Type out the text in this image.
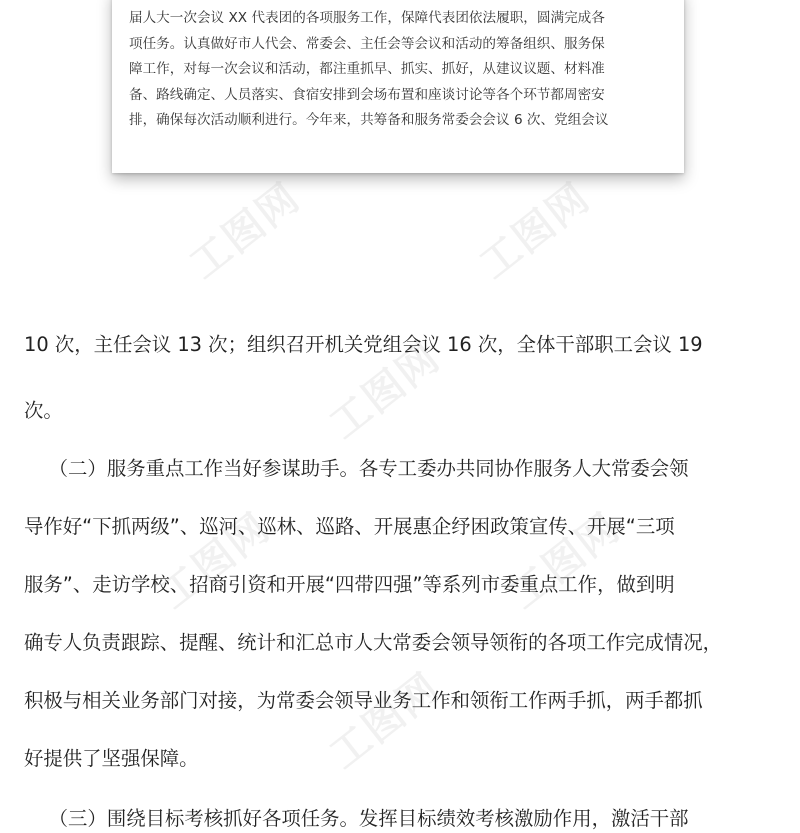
届人大一次会议 XX 代表团的各项服务工作，保障代表团依法履职，圆满完成各
项任务。认真做好市人代会、常委会、主任会等会议和活动的筹备组织、服务保
障工作，对每一次会议和活动，都注重抓早、抓实、抓好，从建议议题、材料准
备、路线确定、人员落实、食宿安排到会场布置和座谈讨论等各个环节都周密安
排，确保每次活动顺利进行。今年来，共筹备和服务常委会会议 6 次、党组会议
工图网	工图网
工图网
工图网	工图网
工图网
10 次，主任会议 13 次；组织召开机关党组会议 16 次，全体干部职工会议 19
次。
（二）服务重点工作当好参谋助手。各专工委办共同协作服务人大常委会领
导作好“下抓两级”、巡河、巡林、巡路、开展惠企纾困政策宣传、开展“三项
服务”、走访学校、招商引资和开展“四带四强”等系列市委重点工作，做到明
确专人负责跟踪、提醒、统计和汇总市人大常委会领导领衔的各项工作完成情况，
积极与相关业务部门对接，为常委会领导业务工作和领衔工作两手抓，两手都抓
好提供了坚强保障。
（三）围绕目标考核抓好各项任务。发挥目标绩效考核激励作用，激活干部
